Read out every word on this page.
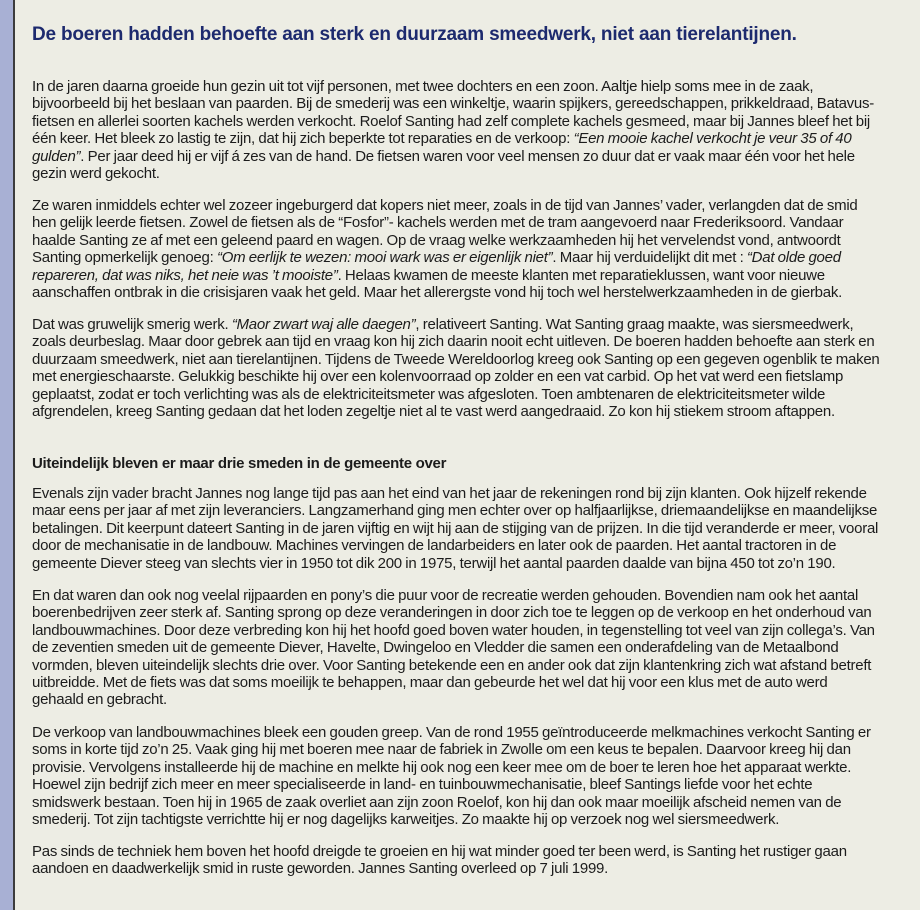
De boeren hadden behoefte aan sterk en duurzaam smeedwerk, niet aan tierelantijnen.

In de jaren daarna groeide hun gezin uit tot vijf personen, met twee dochters en een zoon. Aaltje hielp soms mee in de zaak,
bijvoorbeeld bij het beslaan van paarden. Bij de smederij was een winkeltje, waarin spijkers, gereedschappen, prikkeldraad, Batavus-
fietsen en allerlei soorten kachels werden verkocht. Roelof Santing had zelf complete kachels gesmeed, maar bij Jannes bleef het bij
één keer. Het bleek zo lastig te zijn, dat hij zich beperkte tot reparaties en de verkoop: “Een mooie kachel verkocht je veur 35 of 40
gulden”. Per jaar deed hij er vijf á zes van de hand. De fietsen waren voor veel mensen zo duur dat er vaak maar één voor het hele
gezin werd gekocht.

Ze waren inmiddels echter wel zozeer ingeburgerd dat kopers niet meer, zoals in de tijd van Jannes’ vader, verlangden dat de smid
hen gelijk leerde fietsen. Zowel de fietsen als de “Fosfor”- kachels werden met de tram aangevoerd naar Frederiksoord. Vandaar
haalde Santing ze af met een geleend paard en wagen. Op de vraag welke werkzaamheden hij het vervelendst vond, antwoordt
Santing opmerkelijk genoeg: “Om eerlijk te wezen: mooi wark was er eigenlijk niet”. Maar hij verduidelijkt dit met : “Dat olde goed
repareren, dat was niks, het neie was ’t mooiste”. Helaas kwamen de meeste klanten met reparatieklussen, want voor nieuwe
aanschaffen ontbrak in die crisisjaren vaak het geld. Maar het allerergste vond hij toch wel herstelwerkzaamheden in de gierbak.

Dat was gruwelijk smerig werk. “Maor zwart waj alle daegen”, relativeert Santing. Wat Santing graag maakte, was siersmeedwerk,
zoals deurbeslag. Maar door gebrek aan tijd en vraag kon hij zich daarin nooit echt uitleven. De boeren hadden behoefte aan sterk en
duurzaam smeedwerk, niet aan tierelantijnen. Tijdens de Tweede Wereldoorlog kreeg ook Santing op een gegeven ogenblik te maken
met energieschaarste. Gelukkig beschikte hij over een kolenvoorraad op zolder en een vat carbid. Op het vat werd een fietslamp
geplaatst, zodat er toch verlichting was als de elektriciteitsmeter was afgesloten. Toen ambtenaren de elektriciteitsmeter wilde
afgrendelen, kreeg Santing gedaan dat het loden zegeltje niet al te vast werd aangedraaid. Zo kon hij stiekem stroom aftappen.

Uiteindelijk bleven er maar drie smeden in de gemeente over

Evenals zijn vader bracht Jannes nog lange tijd pas aan het eind van het jaar de rekeningen rond bij zijn klanten. Ook hijzelf rekende
maar eens per jaar af met zijn leveranciers. Langzamerhand ging men echter over op halfjaarlijkse, driemaandelijkse en maandelijkse
betalingen. Dit keerpunt dateert Santing in de jaren vijftig en wijt hij aan de stijging van de prijzen. In die tijd veranderde er meer, vooral
door de mechanisatie in de landbouw. Machines vervingen de landarbeiders en later ook de paarden. Het aantal tractoren in de
gemeente Diever steeg van slechts vier in 1950 tot dik 200 in 1975, terwijl het aantal paarden daalde van bijna 450 tot zo’n 190.

En dat waren dan ook nog veelal rijpaarden en pony’s die puur voor de recreatie werden gehouden. Bovendien nam ook het aantal
boerenbedrijven zeer sterk af. Santing sprong op deze veranderingen in door zich toe te leggen op de verkoop en het onderhoud van
landbouwmachines. Door deze verbreding kon hij het hoofd goed boven water houden, in tegenstelling tot veel van zijn collega’s. Van
de zeventien smeden uit de gemeente Diever, Havelte, Dwingeloo en Vledder die samen een onderafdeling van de Metaalbond
vormden, bleven uiteindelijk slechts drie over. Voor Santing betekende een en ander ook dat zijn klantenkring zich wat afstand betreft
uitbreidde. Met de fiets was dat soms moeilijk te behappen, maar dan gebeurde het wel dat hij voor een klus met de auto werd
gehaald en gebracht.

De verkoop van landbouwmachines bleek een gouden greep. Van de rond 1955 geïntroduceerde melkmachines verkocht Santing er
soms in korte tijd zo’n 25. Vaak ging hij met boeren mee naar de fabriek in Zwolle om een keus te bepalen. Daarvoor kreeg hij dan
provisie. Vervolgens installeerde hij de machine en melkte hij ook nog een keer mee om de boer te leren hoe het apparaat werkte.
Hoewel zijn bedrijf zich meer en meer specialiseerde in land- en tuinbouwmechanisatie, bleef Santings liefde voor het echte
smidswerk bestaan. Toen hij in 1965 de zaak overliet aan zijn zoon Roelof, kon hij dan ook maar moeilijk afscheid nemen van de
smederij. Tot zijn tachtigste verrichtte hij er nog dagelijks karweitjes. Zo maakte hij op verzoek nog wel siersmeedwerk.

Pas sinds de techniek hem boven het hoofd dreigde te groeien en hij wat minder goed ter been werd, is Santing het rustiger gaan
aandoen en daadwerkelijk smid in ruste geworden. Jannes Santing overleed op 7 juli 1999.
